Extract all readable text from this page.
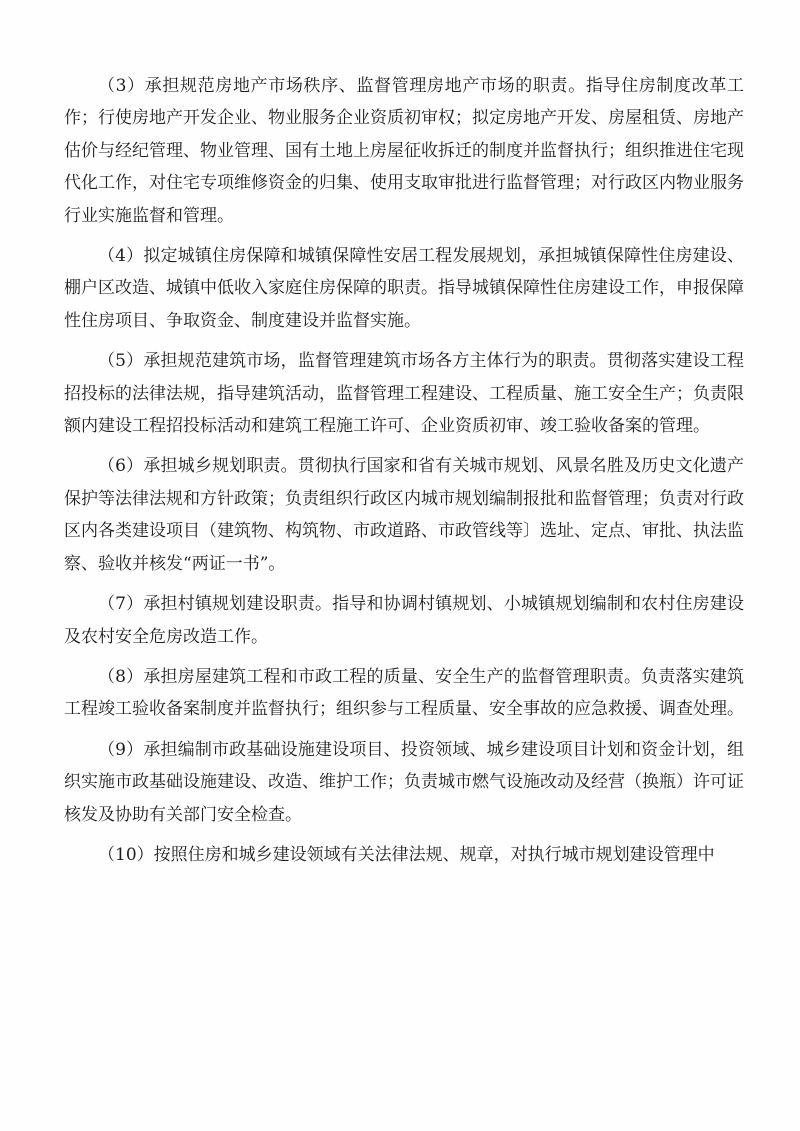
（3）承担规范房地产市场秩序、监督管理房地产市场的职责。指导住房制度改革工作；行使房地产开发企业、物业服务企业资质初审权；拟定房地产开发、房屋租赁、房地产估价与经纪管理、物业管理、国有土地上房屋征收拆迁的制度并监督执行；组织推进住宅现代化工作，对住宅专项维修资金的归集、使用支取审批进行监督管理；对行政区内物业服务行业实施监督和管理。

（4）拟定城镇住房保障和城镇保障性安居工程发展规划，承担城镇保障性住房建设、棚户区改造、城镇中低收入家庭住房保障的职责。指导城镇保障性住房建设工作，申报保障性住房项目、争取资金、制度建设并监督实施。

（5）承担规范建筑市场，监督管理建筑市场各方主体行为的职责。贯彻落实建设工程招投标的法律法规，指导建筑活动，监督管理工程建设、工程质量、施工安全生产；负责限额内建设工程招投标活动和建筑工程施工许可、企业资质初审、竣工验收备案的管理。

（6）承担城乡规划职责。贯彻执行国家和省有关城市规划、风景名胜及历史文化遗产保护等法律法规和方针政策；负责组织行政区内城市规划编制报批和监督管理；负责对行政区内各类建设项目（建筑物、构筑物、市政道路、市政管线等〕选址、定点、审批、执法监察、验收并核发“两证一书”。

（7）承担村镇规划建设职责。指导和协调村镇规划、小城镇规划编制和农村住房建设及农村安全危房改造工作。

（8）承担房屋建筑工程和市政工程的质量、安全生产的监督管理职责。负责落实建筑工程竣工验收备案制度并监督执行；组织参与工程质量、安全事故的应急救援、调查处理。

（9）承担编制市政基础设施建设项目、投资领域、城乡建设项目计划和资金计划，组织实施市政基础设施建设、改造、维护工作；负责城市燃气设施改动及经营（换瓶）许可证核发及协助有关部门安全检查。

（10）按照住房和城乡建设领域有关法律法规、规章，对执行城市规划建设管理中
